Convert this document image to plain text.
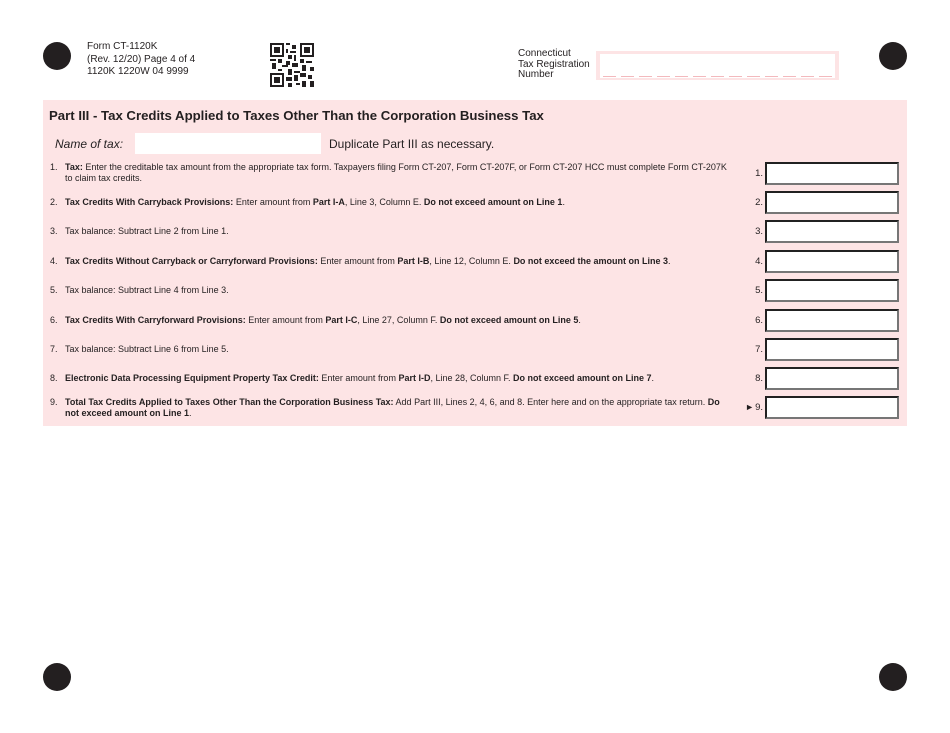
Form CT-1120K
(Rev. 12/20) Page 4 of 4
1120K 1220W 04 9999
Connecticut
Tax Registration
Number
Part III - Tax Credits Applied to Taxes Other Than the Corporation Business Tax
Name of tax:	Duplicate Part III as necessary.
1. Tax: Enter the creditable tax amount from the appropriate tax form. Taxpayers filing Form CT-207, Form CT-207F, or Form CT-207 HCC must complete Form CT-207K to claim tax credits.	1.
2. Tax Credits With Carryback Provisions: Enter amount from Part I-A, Line 3, Column E. Do not exceed amount on Line 1.	2.
3. Tax balance: Subtract Line 2 from Line 1.	3.
4. Tax Credits Without Carryback or Carryforward Provisions: Enter amount from Part I-B, Line 12, Column E. Do not exceed the amount on Line 3.	4.
5. Tax balance: Subtract Line 4 from Line 3.	5.
6. Tax Credits With Carryforward Provisions: Enter amount from Part I-C, Line 27, Column F. Do not exceed amount on Line 5.	6.
7. Tax balance: Subtract Line 6 from Line 5.	7.
8. Electronic Data Processing Equipment Property Tax Credit: Enter amount from Part I-D, Line 28, Column F. Do not exceed amount on Line 7.	8.
9. Total Tax Credits Applied to Taxes Other Than the Corporation Business Tax: Add Part III, Lines 2, 4, 6, and 8. Enter here and on the appropriate tax return. Do not exceed amount on Line 1.
►9.
